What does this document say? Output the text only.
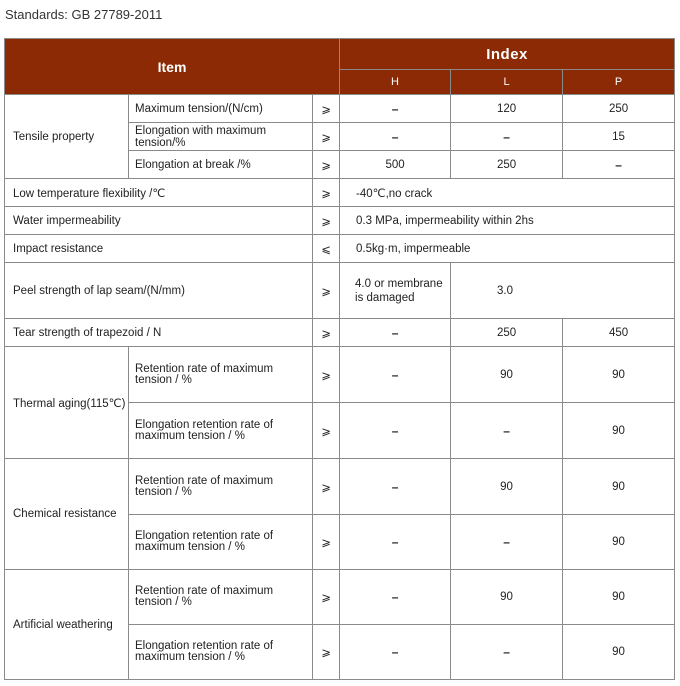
Standards: GB 27789-2011
Item			Index		
			H	L	P
Tensile property	Maximum tension/(N/cm)	⩾	–	120	250
	Elongation with maximum tension/%	⩾	–	–	15
	Elongation at break /%	⩾	500	250	–
Low temperature flexibility /℃		⩾	-40℃,no crack		
Water impermeability		⩾	0.3 MPa, impermeability within 2hs		
Impact resistance		⩽	0.5kg·m, impermeable		
Peel strength of lap seam/(N/mm)		⩾	4.0 or membrane is damaged	3.0	
Tear strength of trapezoid / N		⩾	–	250	450
Thermal aging(115℃)	Retention rate of maximum tension / %	⩾	–	90	90
	Elongation retention rate of maximum tension / %	⩾	–	–	90
Chemical resistance	Retention rate of maximum tension / %	⩾	–	90	90
	Elongation retention rate of maximum tension / %	⩾	–	–	90
Artificial weathering	Retention rate of maximum tension / %	⩾	–	90	90
	Elongation retention rate of maximum tension / %	⩾	–	–	90
